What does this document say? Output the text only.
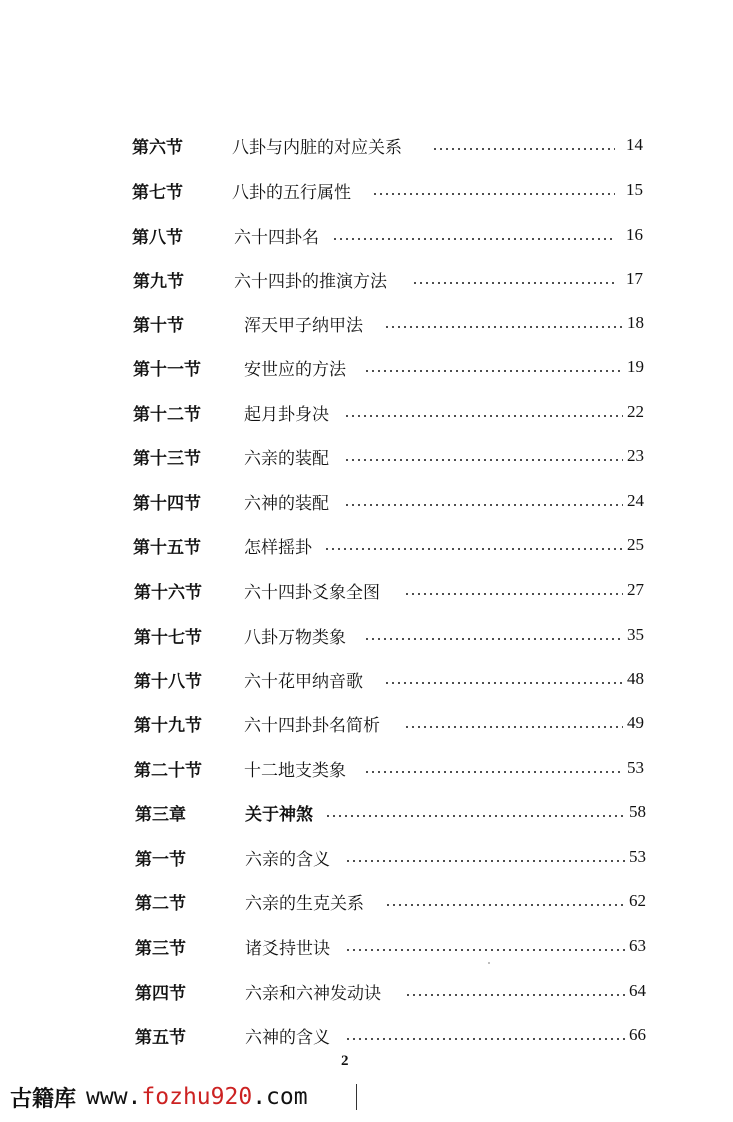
第六节	八卦与内脏的对应关系	14
第七节	八卦的五行属性	15
第八节	六十四卦名	16
第九节	六十四卦的推演方法	17
第十节	浑天甲子纳甲法	18
第十一节	安世应的方法	19
第十二节	起月卦身决	22
第十三节	六亲的装配	23
第十四节	六神的装配	24
第十五节	怎样摇卦	25
第十六节 六十四卦爻象全图	27
第十七节 八卦万物类象	35
第十八节 六十花甲纳音歌	48
第十九节 六十四卦卦名简析	49
第二十节 十二地支类象	53
第三章	关于神煞	58
第一节	六亲的含义	53
第二节	六亲的生克关系	62
第三节	诸爻持世诀	63
第四节	六亲和六神发动诀	64
第五节	六神的含义	66
2
古籍库 www. fozhu920 .com
